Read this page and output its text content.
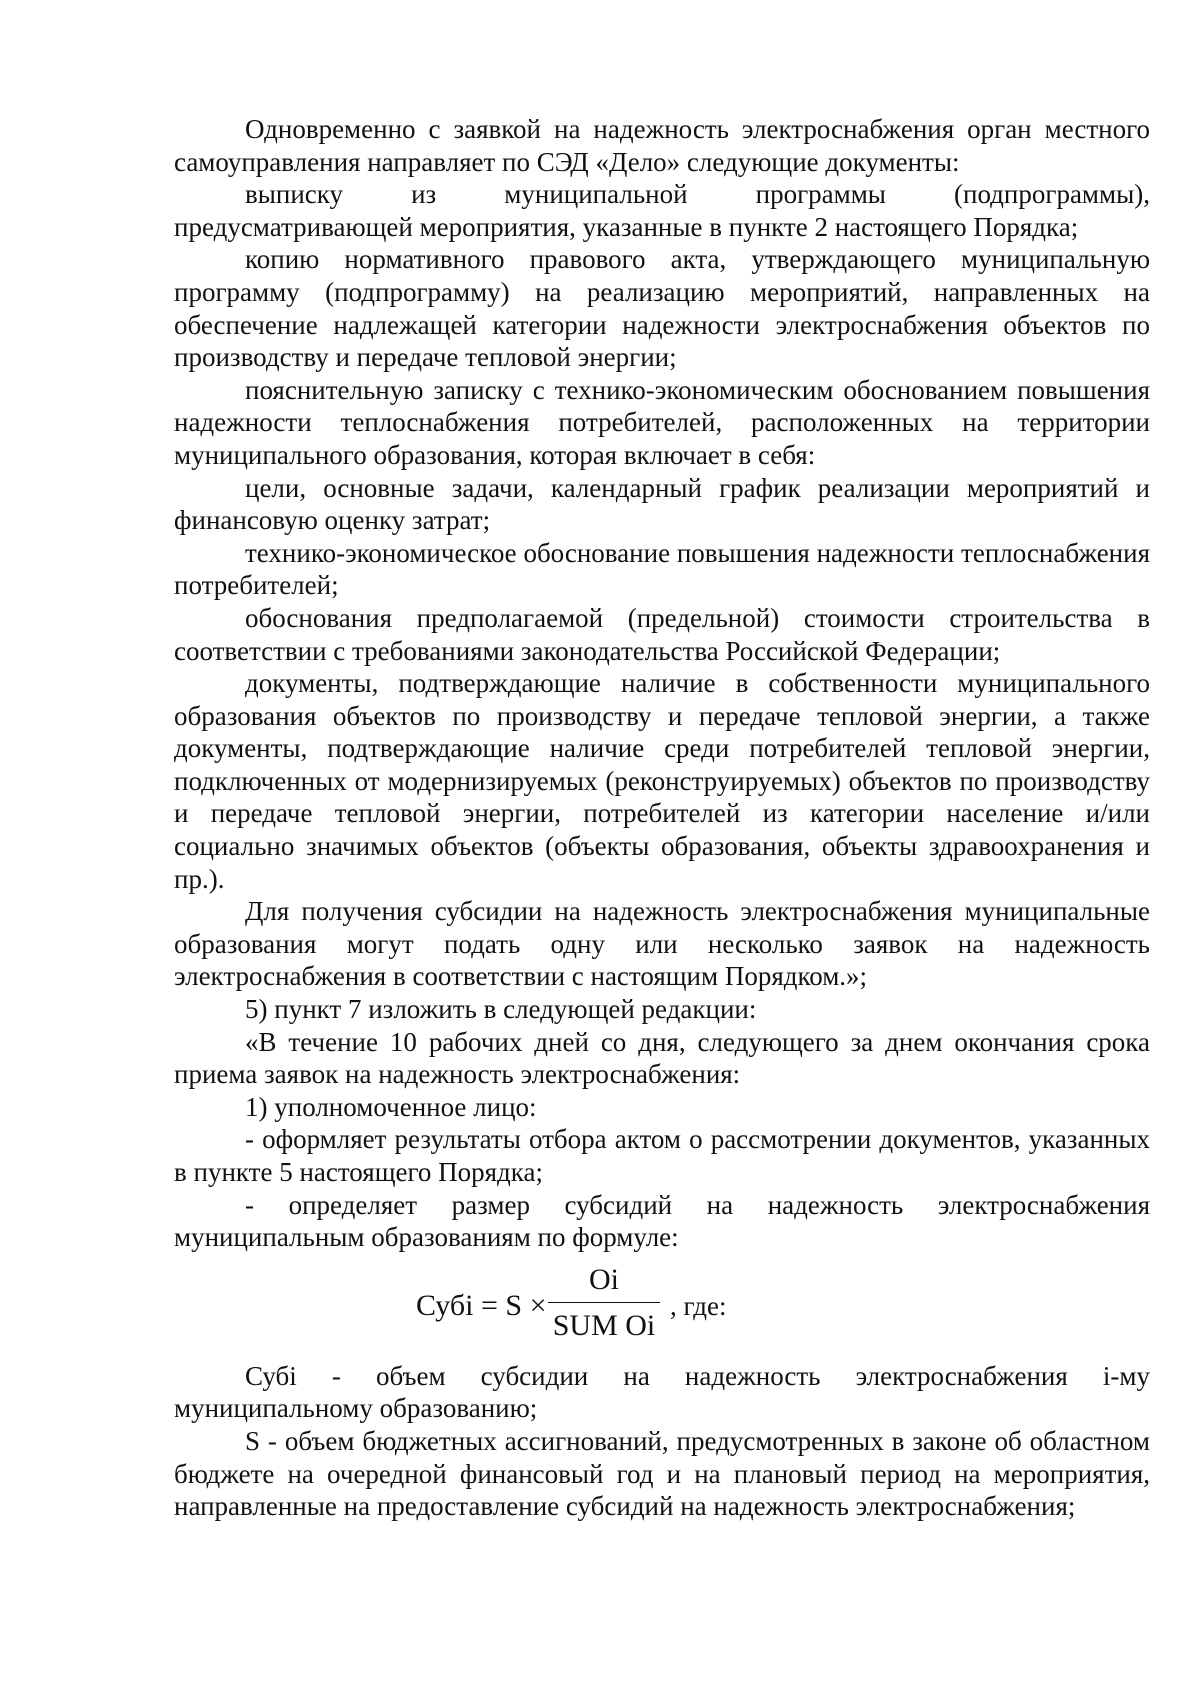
Одновременно с заявкой на надежность электроснабжения орган местного самоуправления направляет по СЭД «Дело» следующие документы:

выписку из муниципальной программы (подпрограммы), предусматривающей мероприятия, указанные в пункте 2 настоящего Порядка;

копию нормативного правового акта, утверждающего муниципальную программу (подпрограмму) на реализацию мероприятий, направленных на обеспечение надлежащей категории надежности электроснабжения объектов по производству и передаче тепловой энергии;

пояснительную записку с технико-экономическим обоснованием повышения надежности теплоснабжения потребителей, расположенных на территории муниципального образования, которая включает в себя:

цели, основные задачи, календарный график реализации мероприятий и финансовую оценку затрат;

технико-экономическое обоснование повышения надежности теплоснабжения потребителей;

обоснования предполагаемой (предельной) стоимости строительства в соответствии с требованиями законодательства Российской Федерации;

документы, подтверждающие наличие в собственности муниципального образования объектов по производству и передаче тепловой энергии, а также документы, подтверждающие наличие среди потребителей тепловой энергии, подключенных от модернизируемых (реконструируемых) объектов по производству и передаче тепловой энергии, потребителей из категории население и/или социально значимых объектов (объекты образования, объекты здравоохранения и пр.).

Для получения субсидии на надежность электроснабжения муниципальные образования могут подать одну или несколько заявок на надежность электроснабжения в соответствии с настоящим Порядком.»;

5) пункт 7 изложить в следующей редакции:

«В течение 10 рабочих дней со дня, следующего за днем окончания срока приема заявок на надежность электроснабжения:

1) уполномоченное лицо:

- оформляет результаты отбора актом о рассмотрении документов, указанных в пункте 5 настоящего Порядка;

- определяет размер субсидий на надежность электроснабжения муниципальным образованиям по формуле:

Субi = S ×
Oi
SUM Oi
, где:

Субi - объем субсидии на надежность электроснабжения i-му муниципальному образованию;

S - объем бюджетных ассигнований, предусмотренных в законе об областном бюджете на очередной финансовый год и на плановый период на мероприятия, направленные на предоставление субсидий на надежность электроснабжения;
